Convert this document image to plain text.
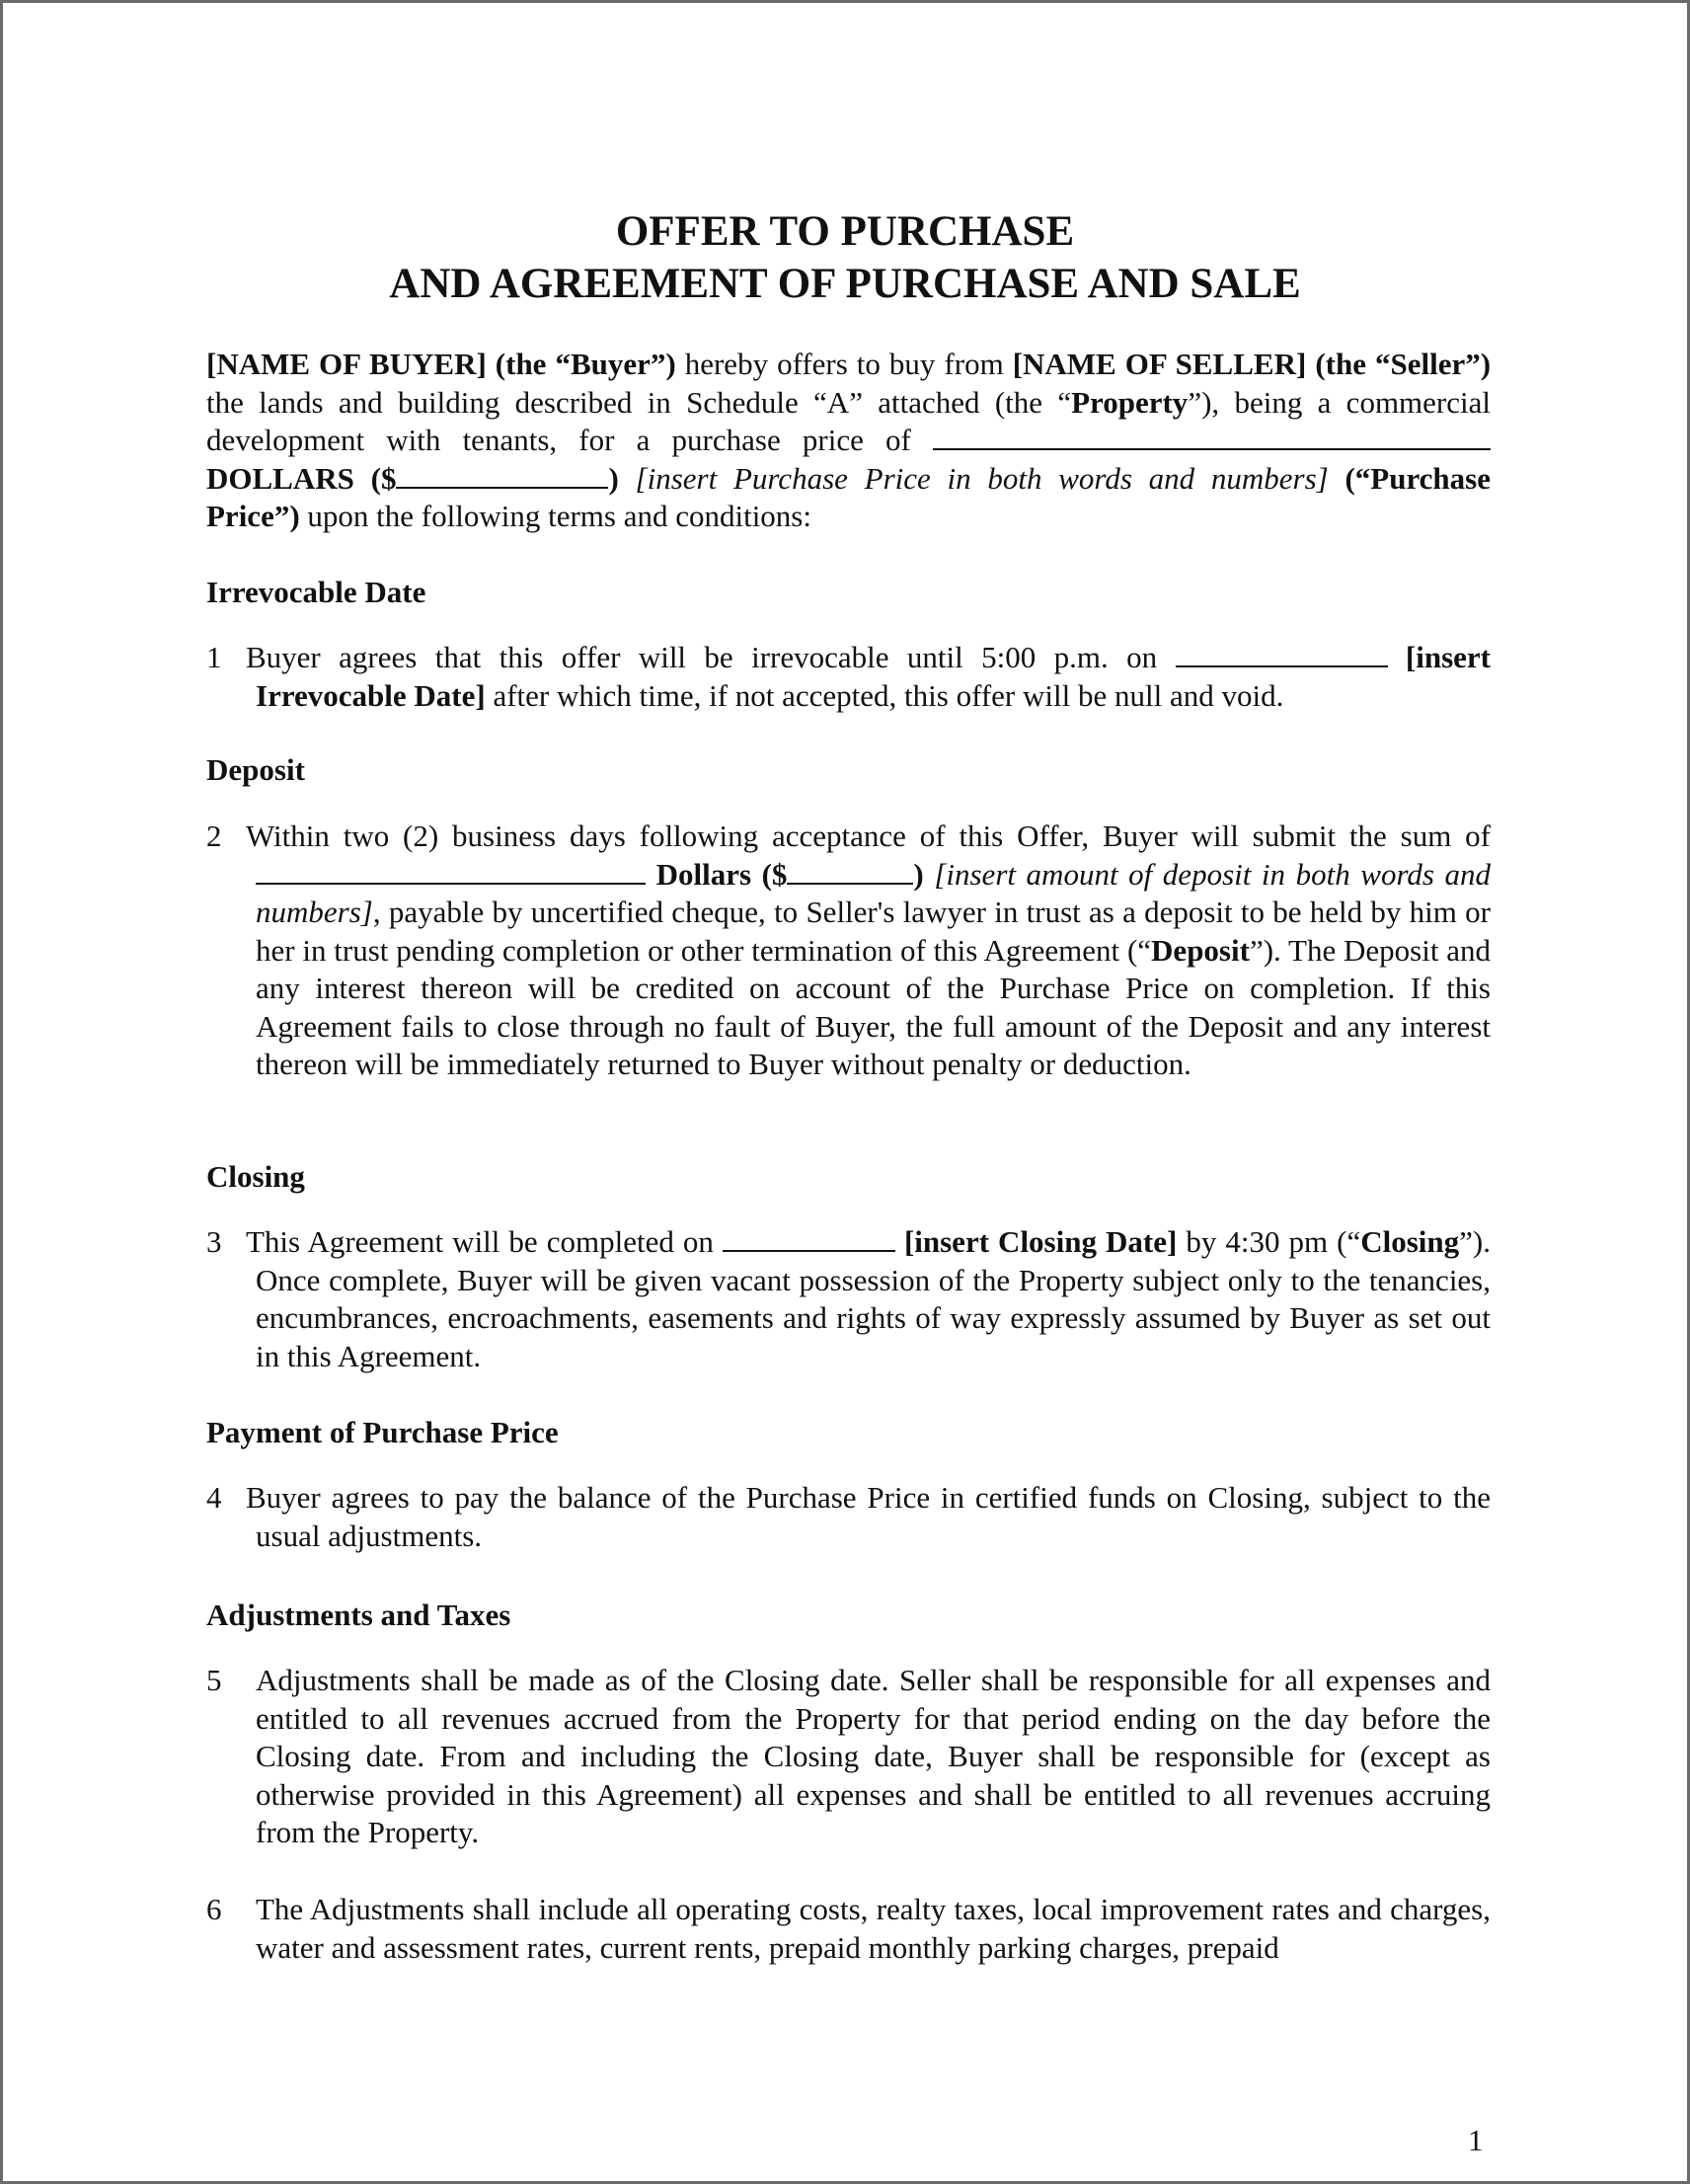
OFFER TO PURCHASE
AND AGREEMENT OF PURCHASE AND SALE
[NAME OF BUYER] (the “Buyer”) hereby offers to buy from [NAME OF SELLER] (the “Seller”) the lands and building described in Schedule “A” attached (the “Property”), being a commercial development with tenants, for a purchase price of  DOLLARS ($	) [insert Purchase Price in both words and numbers] (“Purchase Price”) upon the following terms and conditions:
Irrevocable Date
1 Buyer agrees that this offer will be irrevocable until 5:00 p.m. on	[insert Irrevocable Date] after which time, if not accepted, this offer will be null and void.
Deposit
2 Within two (2) business days following acceptance of this Offer, Buyer will submit the sum of  Dollars ($	) [insert amount of deposit in both words and numbers], payable by uncertified cheque, to Seller's lawyer in trust as a deposit to be held by him or her in trust pending completion or other termination of this Agreement (“Deposit”). The Deposit and any interest thereon will be credited on account of the Purchase Price on completion. If this Agreement fails to close through no fault of Buyer, the full amount of the Deposit and any interest thereon will be immediately returned to Buyer without penalty or deduction.
Closing
3 This Agreement will be completed on	[insert Closing Date] by 4:30 pm (“Closing”). Once complete, Buyer will be given vacant possession of the Property subject only to the tenancies, encumbrances, encroachments, easements and rights of way expressly assumed by Buyer as set out in this Agreement.
Payment of Purchase Price
4 Buyer agrees to pay the balance of the Purchase Price in certified funds on Closing, subject to the usual adjustments.
Adjustments and Taxes
5 Adjustments shall be made as of the Closing date. Seller shall be responsible for all expenses and entitled to all revenues accrued from the Property for that period ending on the day before the Closing date. From and including the Closing date, Buyer shall be responsible for (except as otherwise provided in this Agreement) all expenses and shall be entitled to all revenues accruing from the Property.
6 The Adjustments shall include all operating costs, realty taxes, local improvement rates and charges, water and assessment rates, current rents, prepaid monthly parking charges, prepaid
1
